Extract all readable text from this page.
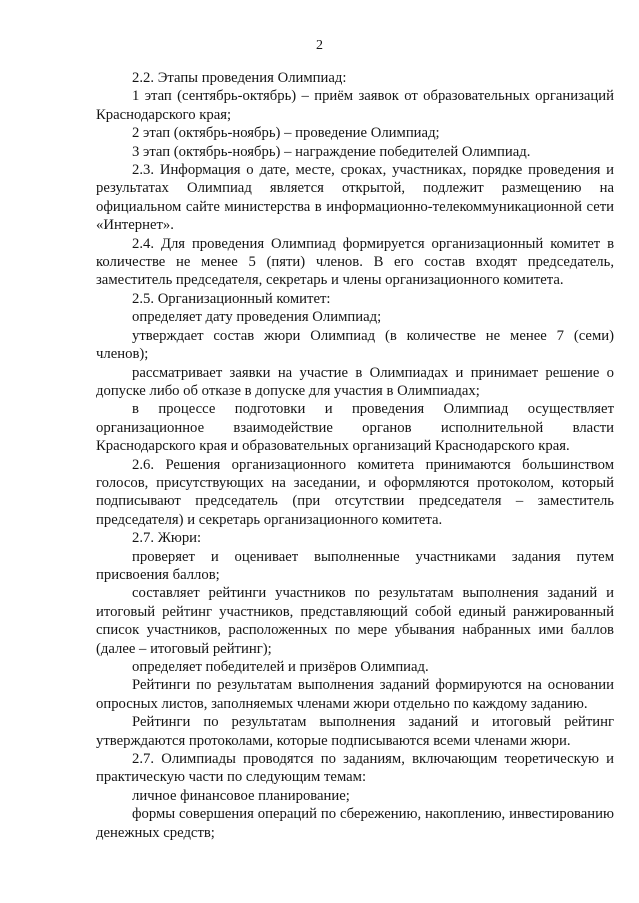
2

2.2. Этапы проведения Олимпиад:

1 этап (сентябрь-октябрь) – приём заявок от образовательных организаций Краснодарского края;

2 этап (октябрь-ноябрь) – проведение Олимпиад;

3 этап (октябрь-ноябрь) – награждение победителей Олимпиад.

2.3. Информация о дате, месте, сроках, участниках, порядке проведения и результатах Олимпиад является открытой, подлежит размещению на официальном сайте министерства в информационно-телекоммуникационной сети «Интернет».

2.4. Для проведения Олимпиад формируется организационный комитет в количестве не менее 5 (пяти) членов. В его состав входят председатель, заместитель председателя, секретарь и члены организационного комитета.

2.5. Организационный комитет:

определяет дату проведения Олимпиад;

утверждает состав жюри Олимпиад (в количестве не менее 7 (семи) членов);

рассматривает заявки на участие в Олимпиадах и принимает решение о допуске либо об отказе в допуске для участия в Олимпиадах;

в процессе подготовки и проведения Олимпиад осуществляет организационное взаимодействие органов исполнительной власти Краснодарского края и образовательных организаций Краснодарского края.

2.6. Решения организационного комитета принимаются большинством голосов, присутствующих на заседании, и оформляются протоколом, который подписывают председатель (при отсутствии председателя – заместитель председателя) и секретарь организационного комитета.

2.7. Жюри:

проверяет и оценивает выполненные участниками задания путем присвоения баллов;

составляет рейтинги участников по результатам выполнения заданий и итоговый рейтинг участников, представляющий собой единый ранжированный список участников, расположенных по мере убывания набранных ими баллов (далее – итоговый рейтинг);

определяет победителей и призёров Олимпиад.

Рейтинги по результатам выполнения заданий формируются на основании опросных листов, заполняемых членами жюри отдельно по каждому заданию.

Рейтинги по результатам выполнения заданий и итоговый рейтинг утверждаются протоколами, которые подписываются всеми членами жюри.

2.7. Олимпиады проводятся по заданиям, включающим теоретическую и практическую части по следующим темам:

личное финансовое планирование;

формы совершения операций по сбережению, накоплению, инвестированию денежных средств;
